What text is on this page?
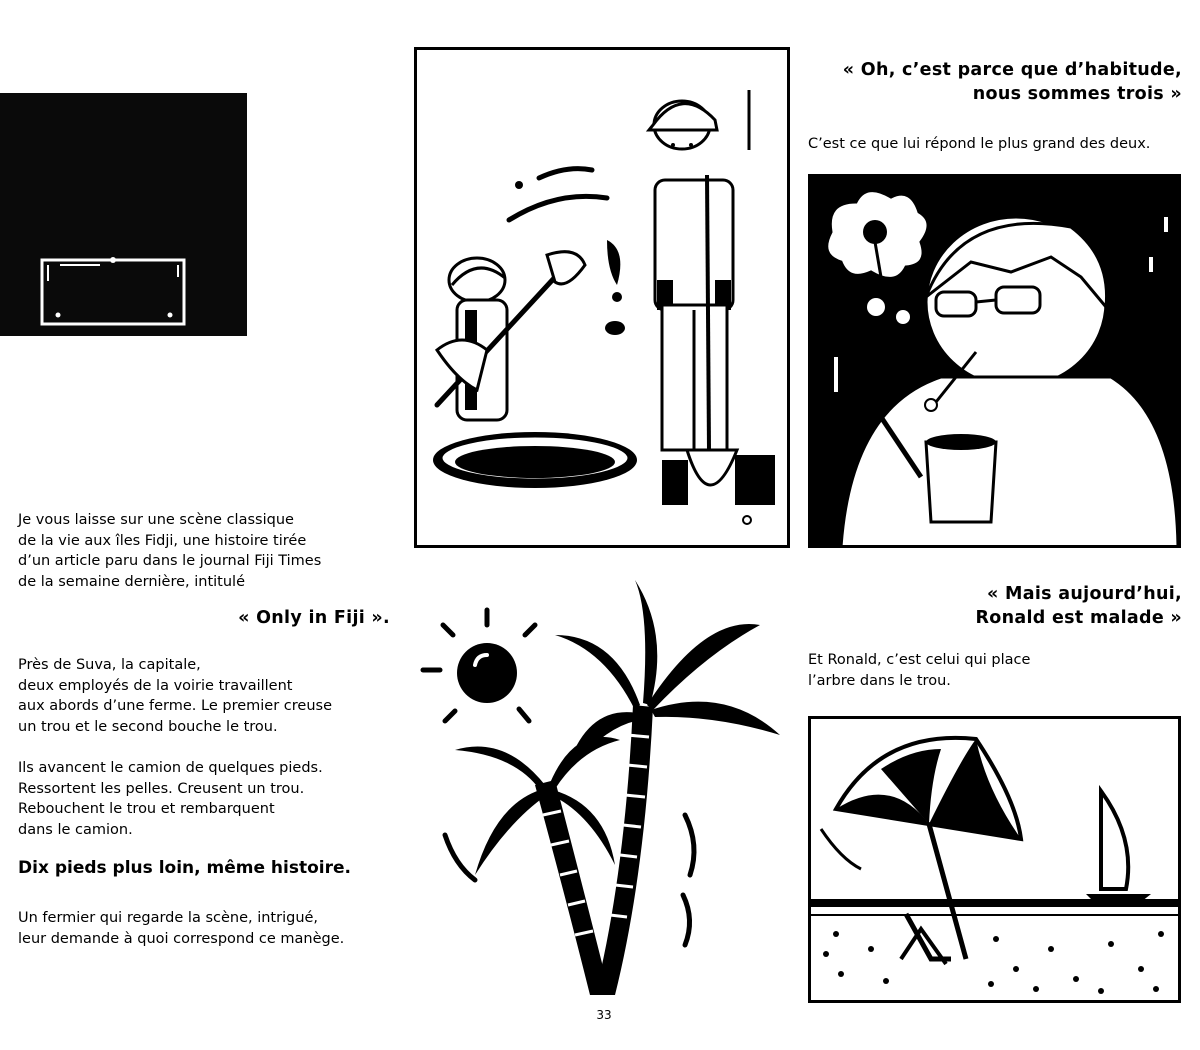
« Oh, c’est parce que d’habitude,
nous sommes trois »
C’est ce que lui répond le plus grand des deux.
Je vous laisse sur une scène classique
de la vie aux îles Fidji, une histoire tirée
d’un article paru dans le journal Fiji Times
de la semaine dernière, intitulé
« Only in Fiji ».
Près de Suva, la capitale,
deux employés de la voirie travaillent
aux abords d’une ferme. Le premier creuse
un trou et le second bouche le trou.
Ils avancent le camion de quelques pieds.
Ressortent les pelles. Creusent un trou.
Rebouchent le trou et rembarquent
dans le camion.
Dix pieds plus loin, même histoire.
Un fermier qui regarde la scène, intrigué,
leur demande à quoi correspond ce manège.
« Mais aujourd’hui,
Ronald est malade »
Et Ronald, c’est celui qui place
l’arbre dans le trou.
33
